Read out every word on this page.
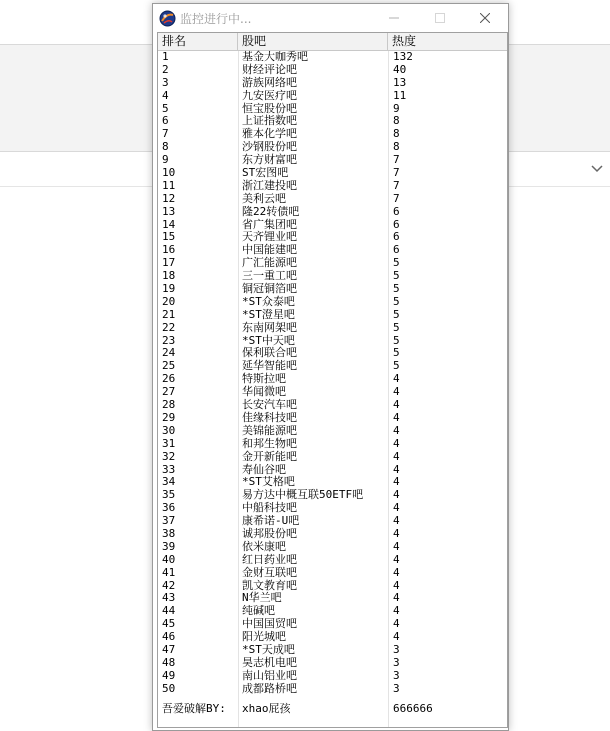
监控进行中...
排名	股吧	热度
1	基金大咖秀吧	132
2	财经评论吧	40
3	游族网络吧	13
4	九安医疗吧	11
5	恒宝股份吧	9
6	上证指数吧	8
7	雅本化学吧	8
8	沙钢股份吧	8
9	东方财富吧	7
10	ST宏图吧	7
11	浙江建投吧	7
12	美利云吧	7
13	隆22转债吧	6
14	省广集团吧	6
15	天齐锂业吧	6
16	中国能建吧	6
17	广汇能源吧	5
18	三一重工吧	5
19	铜冠铜箔吧	5
20	*ST众泰吧	5
21	*ST澄星吧	5
22	东南网架吧	5
23	*ST中天吧	5
24	保利联合吧	5
25	延华智能吧	5
26	特斯拉吧	4
27	华闻微吧	4
28	长安汽车吧	4
29	佳缘科技吧	4
30	美锦能源吧	4
31	和邦生物吧	4
32	金开新能吧	4
33	寿仙谷吧	4
34	*ST艾格吧	4
35	易方达中概互联50ETF吧	4
36	中船科技吧	4
37	康希诺-U吧	4
38	诚邦股份吧	4
39	依米康吧	4
40	红日药业吧	4
41	金财互联吧	4
42	凯文教育吧	4
43	N华兰吧	4
44	纯碱吧	4
45	中国国贸吧	4
46	阳光城吧	4
47	*ST天成吧	3
48	昊志机电吧	3
49	南山铝业吧	3
50	成都路桥吧	3
吾爱破解BY: xhao屁孩	666666
